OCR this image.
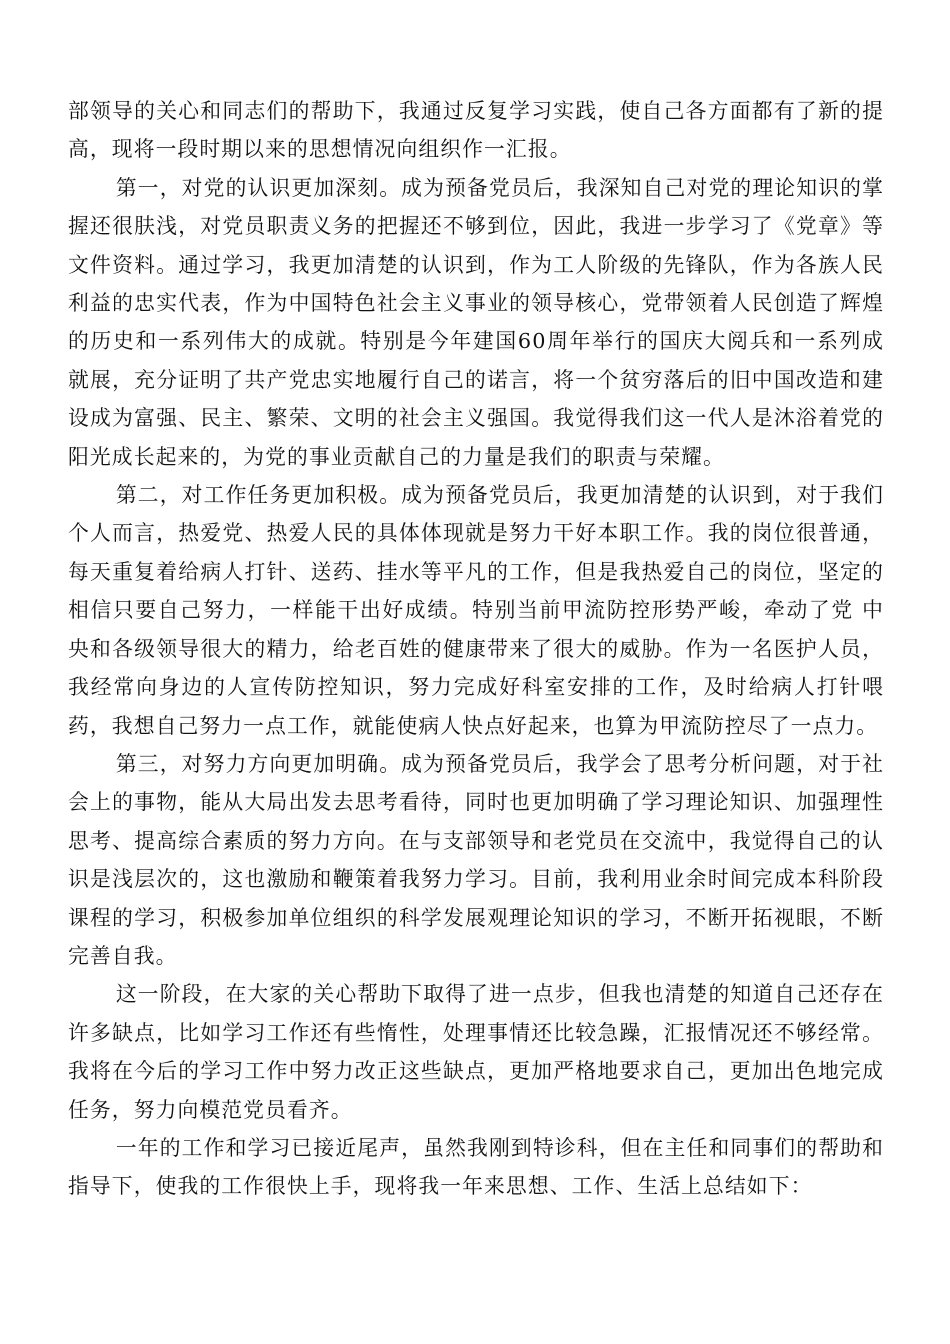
部领导的关心和同志们的帮助下，我通过反复学习实践，使自己各方面都有了新的提高，现将一段时期以来的思想情况向组织作一汇报。

第一，对党的认识更加深刻。成为预备党员后，我深知自己对党的理论知识的掌握还很肤浅，对党员职责义务的把握还不够到位，因此，我进一步学习了《党章》等文件资料。通过学习，我更加清楚的认识到，作为工人阶级的先锋队，作为各族人民利益的忠实代表，作为中国特色社会主义事业的领导核心，党带领着人民创造了辉煌的历史和一系列伟大的成就。特别是今年建国60周年举行的国庆大阅兵和一系列成就展，充分证明了共产党忠实地履行自己的诺言，将一个贫穷落后的旧中国改造和建设成为富强、民主、繁荣、文明的社会主义强国。我觉得我们这一代人是沐浴着党的阳光成长起来的，为党的事业贡献自己的力量是我们的职责与荣耀。

第二，对工作任务更加积极。成为预备党员后，我更加清楚的认识到，对于我们个人而言，热爱党、热爱人民的具体体现就是努力干好本职工作。我的岗位很普通，每天重复着给病人打针、送药、挂水等平凡的工作，但是我热爱自己的岗位，坚定的相信只要自己努力，一样能干出好成绩。特别当前甲流防控形势严峻，牵动了党 中央和各级领导很大的精力，给老百姓的健康带来了很大的威胁。作为一名医护人员，我经常向身边的人宣传防控知识，努力完成好科室安排的工作，及时给病人打针喂药，我想自己努力一点工作，就能使病人快点好起来，也算为甲流防控尽了一点力。

第三，对努力方向更加明确。成为预备党员后，我学会了思考分析问题，对于社会上的事物，能从大局出发去思考看待，同时也更加明确了学习理论知识、加强理性思考、提高综合素质的努力方向。在与支部领导和老党员在交流中，我觉得自己的认识是浅层次的，这也激励和鞭策着我努力学习。目前，我利用业余时间完成本科阶段课程的学习，积极参加单位组织的科学发展观理论知识的学习，不断开拓视眼，不断完善自我。

这一阶段，在大家的关心帮助下取得了进一点步，但我也清楚的知道自己还存在许多缺点，比如学习工作还有些惰性，处理事情还比较急躁，汇报情况还不够经常。我将在今后的学习工作中努力改正这些缺点，更加严格地要求自己，更加出色地完成任务，努力向模范党员看齐。

一年的工作和学习已接近尾声，虽然我刚到特诊科，但在主任和同事们的帮助和指导下，使我的工作很快上手，现将我一年来思想、工作、生活上总结如下：
